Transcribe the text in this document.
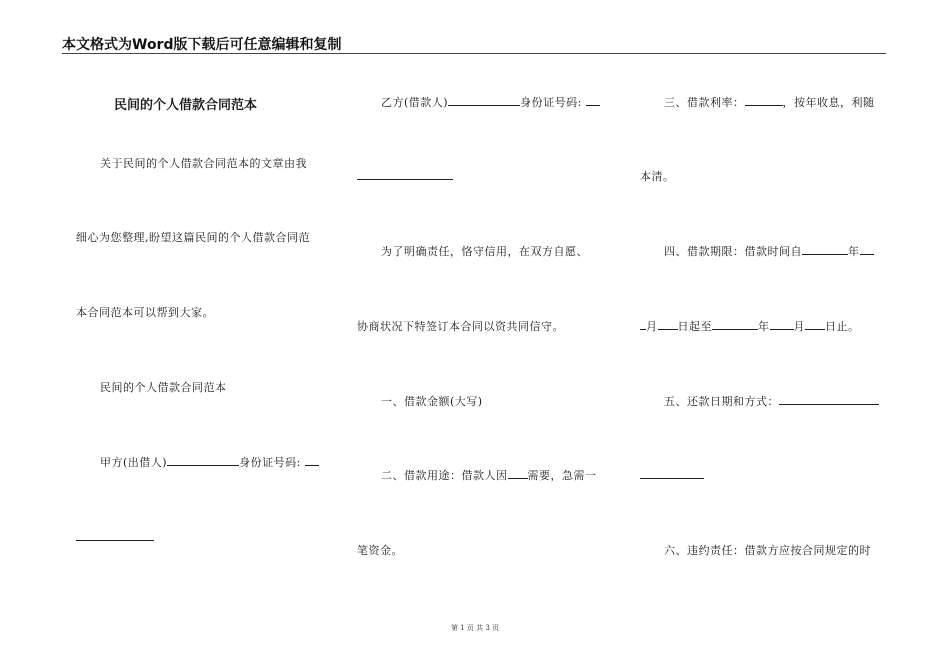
本文格式为Word版下载后可任意编辑和复制
民间的个人借款合同范本
关于民间的个人借款合同范本的文章由我
细心为您整理,盼望这篇民间的个人借款合同范
本合同范本可以帮到大家。
民间的个人借款合同范本
甲方(出借人)	身份证号码:
乙方(借款人)	身份证号码:
为了明确责任，恪守信用，在双方自愿、
协商状况下特签订本合同以资共同信守。
一、借款金额(大写)
二、借款用途：借款人因 需要，急需一
笔资金。
三、借款利率：	，按年收息，利随
本清。
四、借款期限：借款时间自	年
月 日起至	年 月 日止。
五、还款日期和方式：
六、违约责任：借款方应按合同规定的时
第 1 页 共 3 页
